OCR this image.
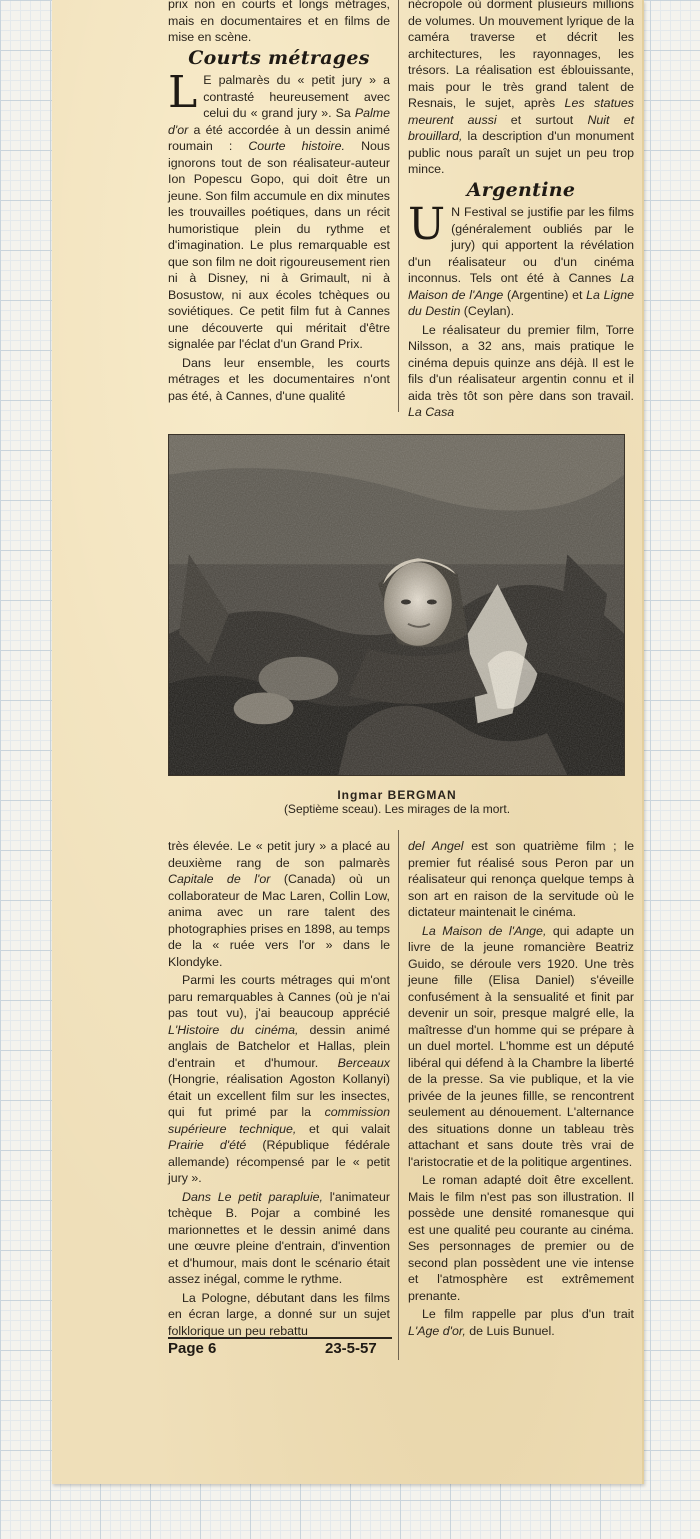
prix non en courts et longs métrages, mais en documentaires et en films de mise en scène.

Courts métrages

L E palmarès du « petit jury » a contrasté heureusement avec celui du « grand jury ». Sa Palme d'or a été accordée à un dessin animé roumain : Courte histoire. Nous ignorons tout de son réalisateur-auteur Ion Popescu Gopo, qui doit être un jeune. Son film accumule en dix minutes les trouvailles poétiques, dans un récit humoristique plein du rythme et d'imagination. Le plus remarquable est que son film ne doit rigoureusement rien ni à Disney, ni à Grimault, ni à Bosustow, ni aux écoles tchèques ou soviétiques. Ce petit film fut à Cannes une découverte qui méritait d'être signalée par l'éclat d'un Grand Prix.

Dans leur ensemble, les courts métrages et les documentaires n'ont pas été, à Cannes, d'une qualité

nécropole où dorment plusieurs millions de volumes. Un mouvement lyrique de la caméra traverse et décrit les architectures, les rayonnages, les trésors. La réalisation est éblouissante, mais pour le très grand talent de Resnais, le sujet, après Les statues meurent aussi et surtout Nuit et brouillard, la description d'un monument public nous paraît un sujet un peu trop mince.

Argentine

U N Festival se justifie par les films (généralement oubliés par le jury) qui apportent la révélation d'un réalisateur ou d'un cinéma inconnus. Tels ont été à Cannes La Maison de l'Ange (Argentine) et La Ligne du Destin (Ceylan).

Le réalisateur du premier film, Torre Nilsson, a 32 ans, mais pratique le cinéma depuis quinze ans déjà. Il est le fils d'un réalisateur argentin connu et il aida très tôt son père dans son travail. La Casa

Ingmar BERGMAN
(Septième sceau). Les mirages de la mort.

très élevée. Le « petit jury » a placé au deuxième rang de son palmarès Capitale de l'or (Canada) où un collaborateur de Mac Laren, Collin Low, anima avec un rare talent des photographies prises en 1898, au temps de la « ruée vers l'or » dans le Klondyke.

Parmi les courts métrages qui m'ont paru remarquables à Cannes (où je n'ai pas tout vu), j'ai beaucoup apprécié L'Histoire du cinéma, dessin animé anglais de Batchelor et Hallas, plein d'entrain et d'humour. Berceaux (Hongrie, réalisation Agoston Kollanyi) était un excellent film sur les insectes, qui fut primé par la commission supérieure technique, et qui valait Prairie d'été (République fédérale allemande) récompensé par le « petit jury ».

Dans Le petit parapluie, l'animateur tchèque B. Pojar a combiné les marionnettes et le dessin animé dans une œuvre pleine d'entrain, d'invention et d'humour, mais dont le scénario était assez inégal, comme le rythme.

La Pologne, débutant dans les films en écran large, a donné sur un sujet folklorique un peu rebattu

del Angel est son quatrième film ; le premier fut réalisé sous Peron par un réalisateur qui renonça quelque temps à son art en raison de la servitude où le dictateur maintenait le cinéma.

La Maison de l'Ange, qui adapte un livre de la jeune romancière Beatriz Guido, se déroule vers 1920. Une très jeune fille (Elisa Daniel) s'éveille confusément à la sensualité et finit par devenir un soir, presque malgré elle, la maîtresse d'un homme qui se prépare à un duel mortel. L'homme est un député libéral qui défend à la Chambre la liberté de la presse. Sa vie publique, et la vie privée de la jeunes fillle, se rencontrent seulement au dénouement. L'alternance des situations donne un tableau très attachant et sans doute très vrai de l'aristocratie et de la politique argentines.

Le roman adapté doit être excellent. Mais le film n'est pas son illustration. Il possède une densité romanesque qui est une qualité peu courante au cinéma. Ses personnages de premier ou de second plan possèdent une vie intense et l'atmosphère est extrêmement prenante.

Le film rappelle par plus d'un trait L'Age d'or, de Luis Bunuel.

Page 6	23-5-57
